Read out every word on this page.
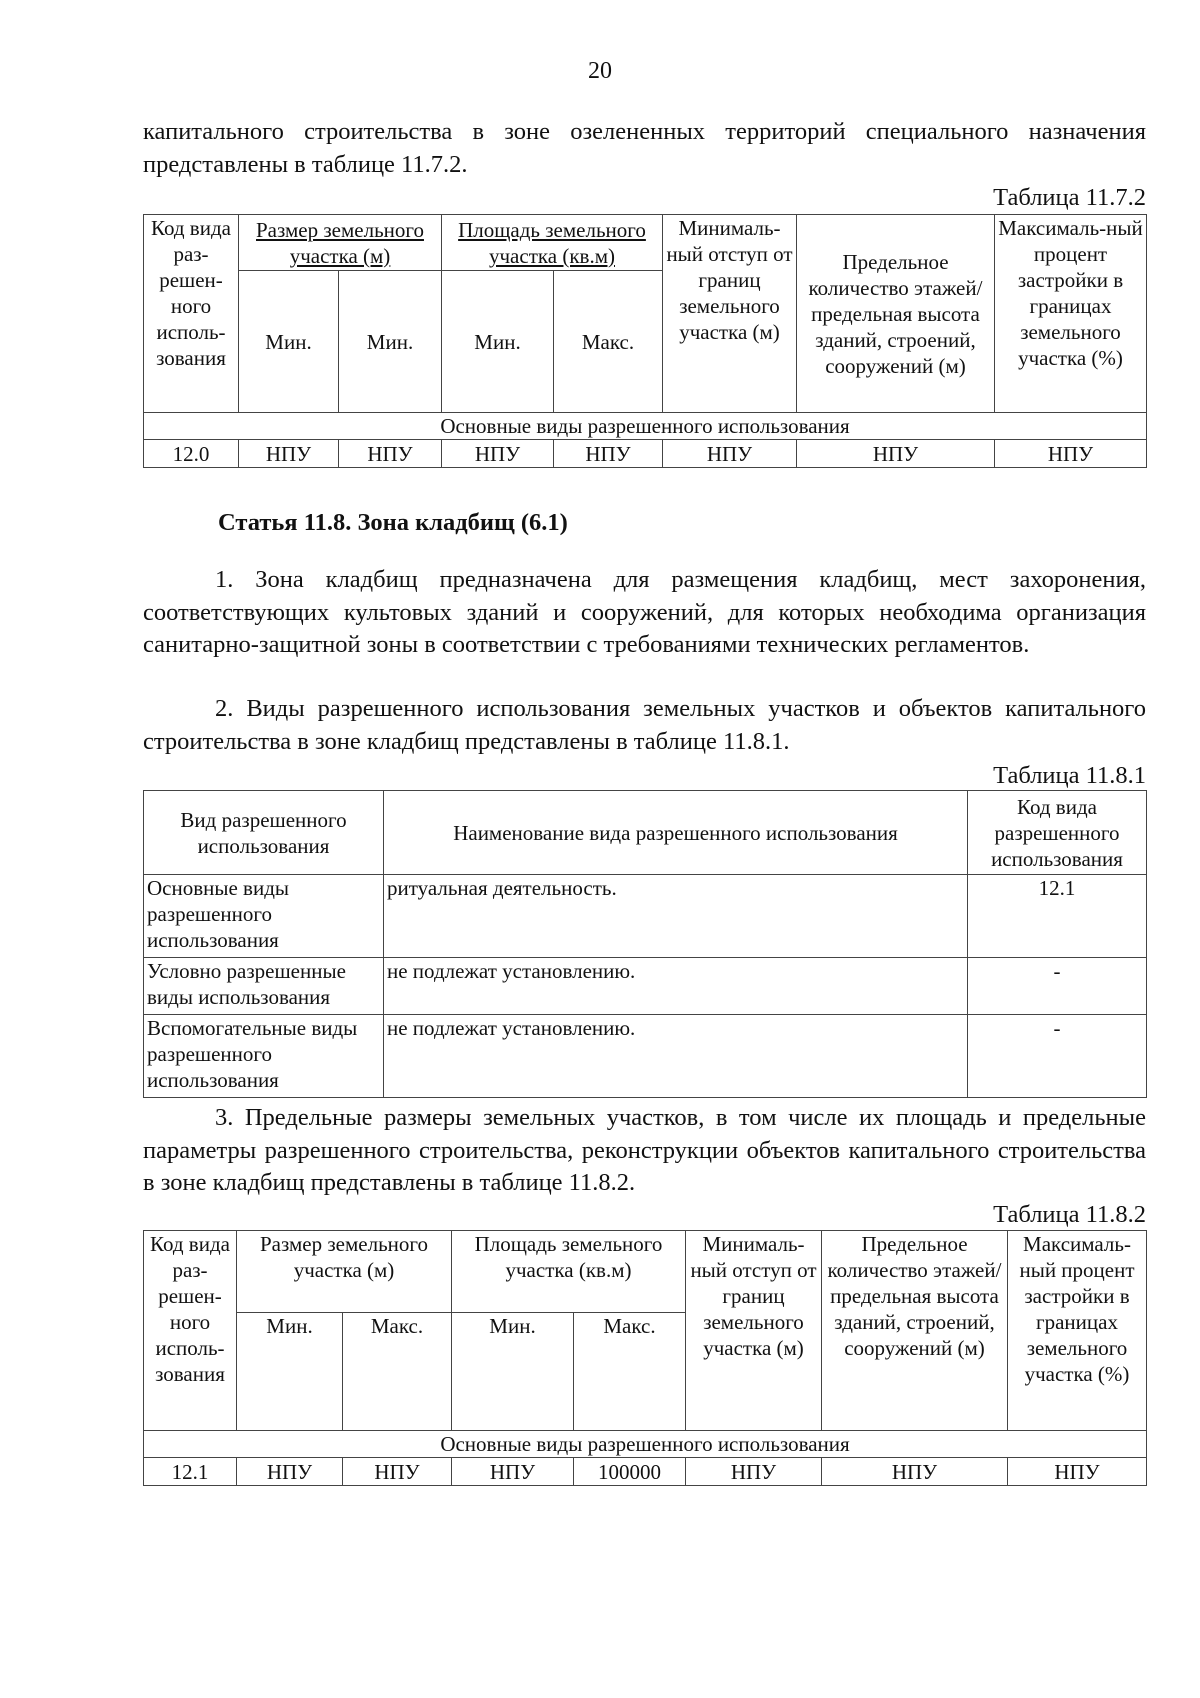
20

капитального строительства в зоне озелененных территорий специального назначения представлены в таблице 11.7.2.

Таблица 11.7.2
Код вида раз-решен-ного исполь-зования	Размер земельного участка (м)		Площадь земельного участка (кв.м)		Минималь-ный отступ от границ земельного участка (м)	Предельное количество этажей/ предельная высота зданий, строений, сооружений (м)	Максималь-ный процент застройки в границах земельного участка (%)
	Мин.	Мин.	Мин.	Макс.			
Основные виды разрешенного использования							
12.0	НПУ	НПУ	НПУ	НПУ	НПУ	НПУ	НПУ
Статья 11.8. Зона кладбищ (6.1)

1. Зона кладбищ предназначена для размещения кладбищ, мест захоронения, соответствующих культовых зданий и сооружений, для которых необходима организация санитарно-защитной зоны в соответствии с требованиями технических регламентов.

2. Виды разрешенного использования земельных участков и объектов капитального строительства в зоне кладбищ представлены в таблице 11.8.1.

Таблица 11.8.1
Вид разрешенного использования	Наименование вида разрешенного использования	Код вида разрешенного использования
Основные виды разрешенного использования	ритуальная деятельность.	12.1
Условно разрешенные виды использования	не подлежат установлению.	-
Вспомогательные виды разрешенного использования	не подлежат установлению.	-

3. Предельные размеры земельных участков, в том числе их площадь и предельные параметры разрешенного строительства, реконструкции объектов капитального строительства в зоне кладбищ представлены в таблице 11.8.2.

Таблица 11.8.2
Код вида раз-решен-ного исполь-зования	Размер земельного участка (м)		Площадь земельного участка (кв.м)		Минималь-ный отступ от границ земельного участка (м)	Предельное количество этажей/ предельная высота зданий, строений, сооружений (м)	Максималь-ный процент застройки в границах земельного участка (%)
	Мин.	Макс.	Мин.	Макс.			
Основные виды разрешенного использования							
12.1	НПУ	НПУ	НПУ	100000	НПУ	НПУ	НПУ
